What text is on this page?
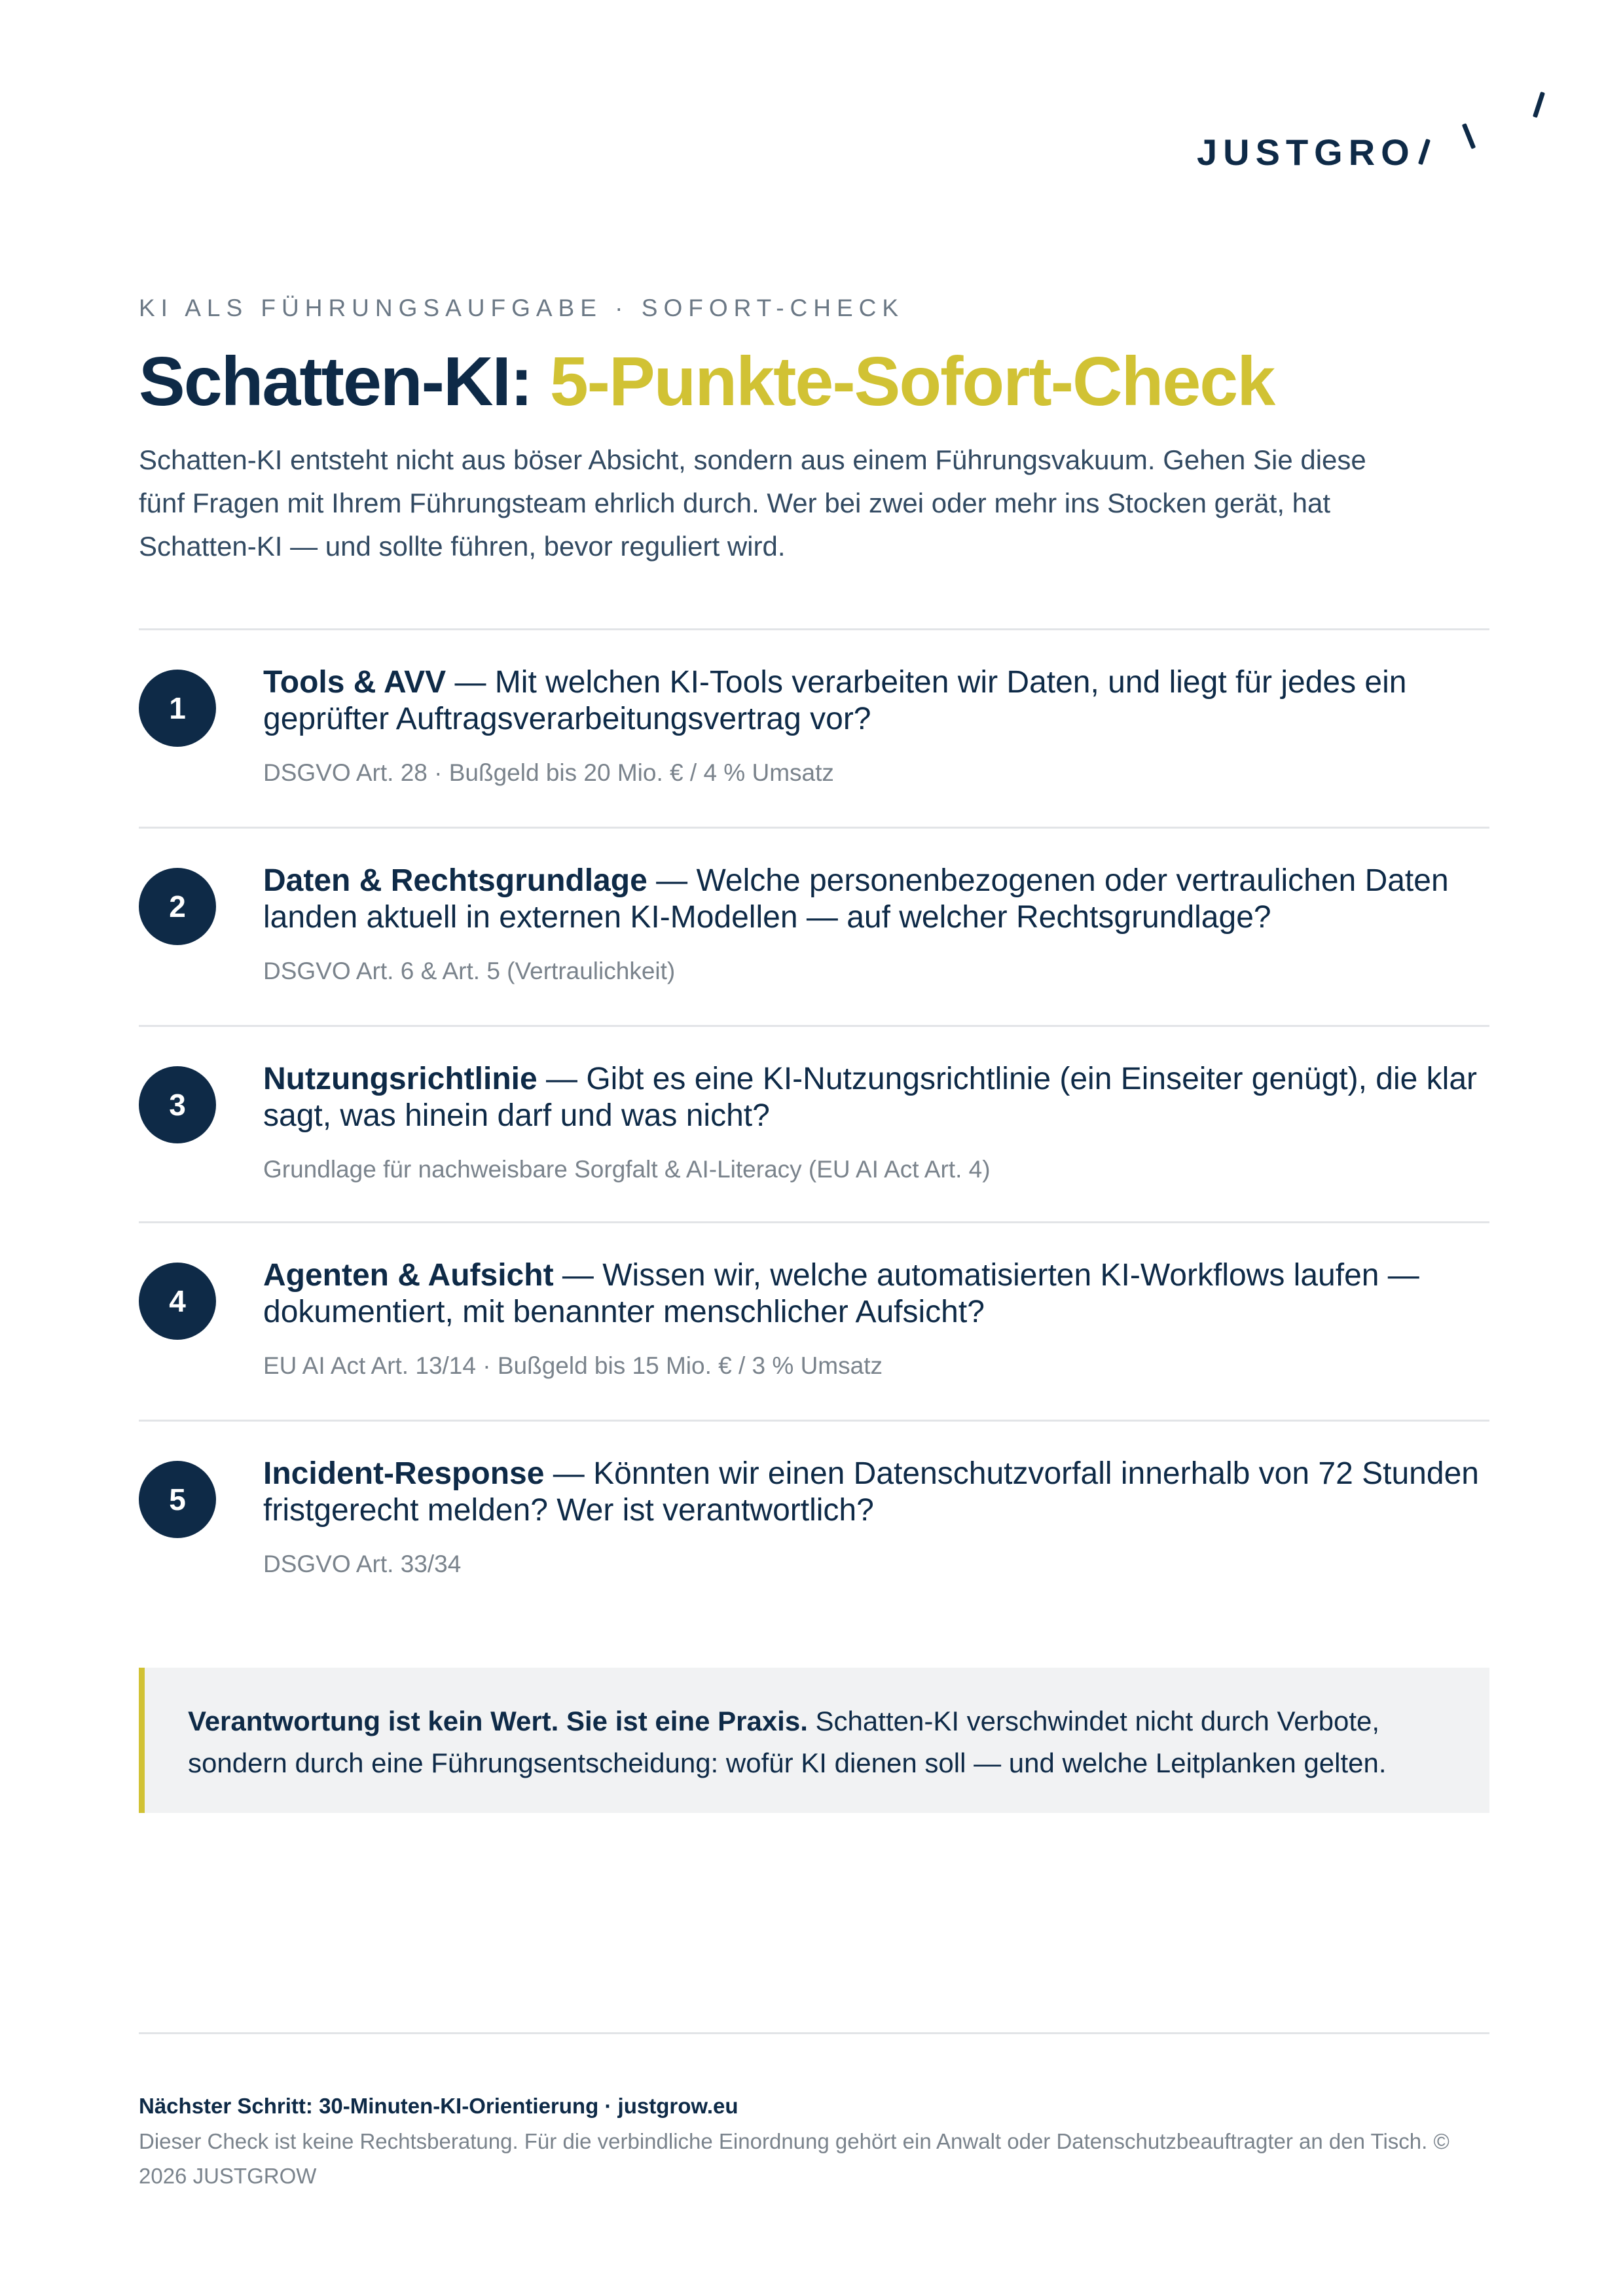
JUSTGRO
KI ALS FÜHRUNGSAUFGABE · SOFORT-CHECK
Schatten-KI: 5-Punkte-Sofort-Check
Schatten-KI entsteht nicht aus böser Absicht, sondern aus einem Führungsvakuum. Gehen Sie diese fünf Fragen mit Ihrem Führungsteam ehrlich durch. Wer bei zwei oder mehr ins Stocken gerät, hat Schatten-KI — und sollte führen, bevor reguliert wird.
1
Tools & AVV — Mit welchen KI-Tools verarbeiten wir Daten, und liegt für jedes ein geprüfter Auftragsverarbeitungsvertrag vor?
DSGVO Art. 28 · Bußgeld bis 20 Mio. € / 4 % Umsatz
2
Daten & Rechtsgrundlage — Welche personenbezogenen oder vertraulichen Daten landen aktuell in externen KI-Modellen — auf welcher Rechtsgrundlage?
DSGVO Art. 6 & Art. 5 (Vertraulichkeit)
3
Nutzungsrichtlinie — Gibt es eine KI-Nutzungsrichtlinie (ein Einseiter genügt), die klar sagt, was hinein darf und was nicht?
Grundlage für nachweisbare Sorgfalt & AI-Literacy (EU AI Act Art. 4)
4
Agenten & Aufsicht — Wissen wir, welche automatisierten KI-Workflows laufen — dokumentiert, mit benannter menschlicher Aufsicht?
EU AI Act Art. 13/14 · Bußgeld bis 15 Mio. € / 3 % Umsatz
5
Incident-Response — Könnten wir einen Datenschutzvorfall innerhalb von 72 Stunden fristgerecht melden? Wer ist verantwortlich?
DSGVO Art. 33/34
Verantwortung ist kein Wert. Sie ist eine Praxis. Schatten-KI verschwindet nicht durch Verbote, sondern durch eine Führungsentscheidung: wofür KI dienen soll — und welche Leitplanken gelten.
Nächster Schritt: 30-Minuten-KI-Orientierung · justgrow.eu
Dieser Check ist keine Rechtsberatung. Für die verbindliche Einordnung gehört ein Anwalt oder Datenschutzbeauftragter an den Tisch. © 2026 JUSTGROW
